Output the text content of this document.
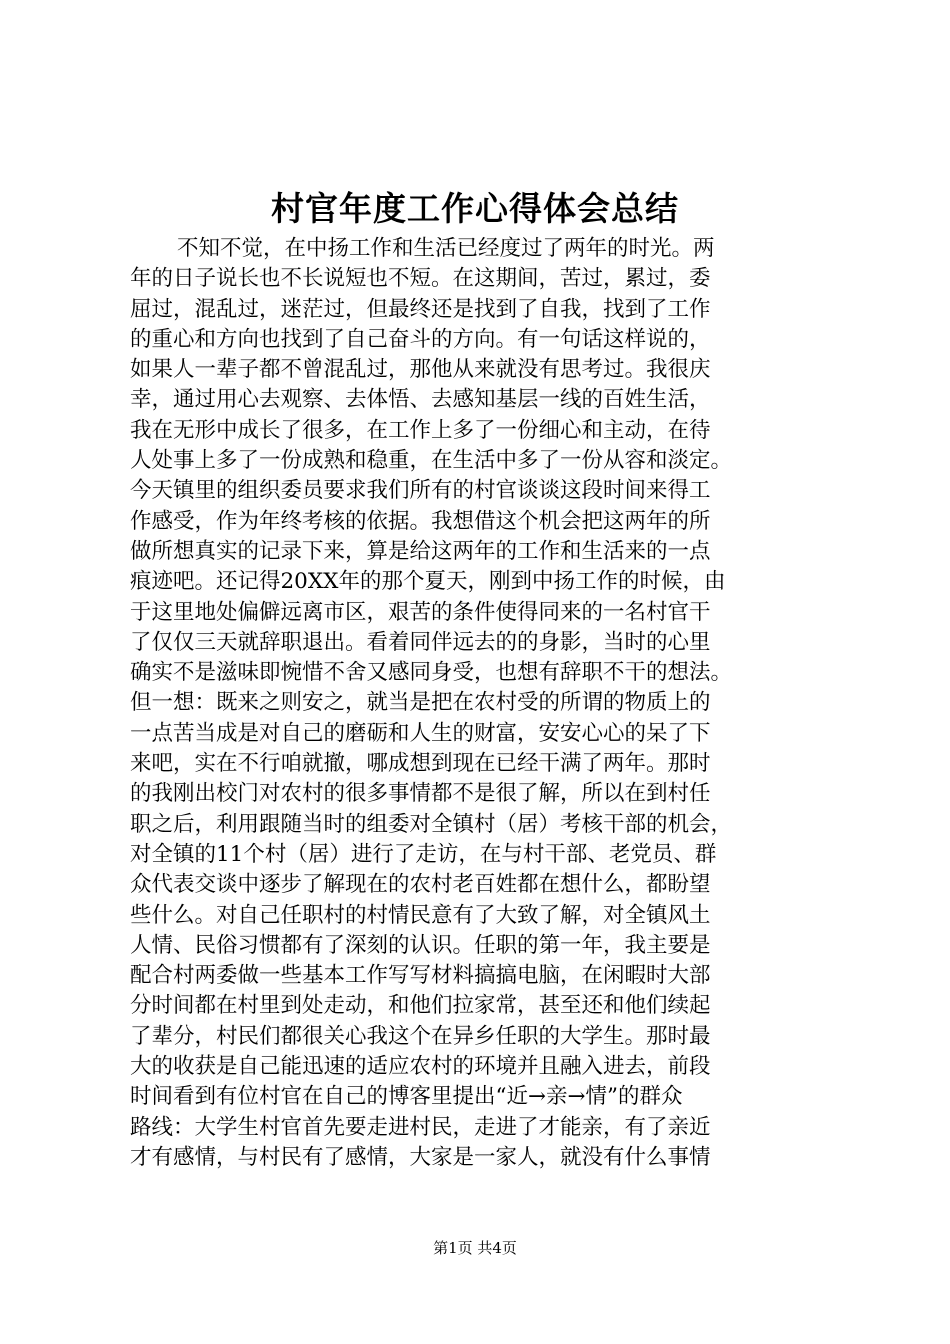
村官年度工作心得体会总结
不知不觉，在中扬工作和生活已经度过了两年的时光。两
年的日子说长也不长说短也不短。在这期间，苦过，累过，委
屈过，混乱过，迷茫过，但最终还是找到了自我，找到了工作
的重心和方向也找到了自己奋斗的方向。有一句话这样说的，
如果人一辈子都不曾混乱过，那他从来就没有思考过。我很庆
幸，通过用心去观察、去体悟、去感知基层一线的百姓生活，
我在无形中成长了很多，在工作上多了一份细心和主动，在待
人处事上多了一份成熟和稳重，在生活中多了一份从容和淡定。
今天镇里的组织委员要求我们所有的村官谈谈这段时间来得工
作感受，作为年终考核的依据。我想借这个机会把这两年的所
做所想真实的记录下来，算是给这两年的工作和生活来的一点
痕迹吧。还记得20XX年的那个夏天，刚到中扬工作的时候，由
于这里地处偏僻远离市区，艰苦的条件使得同来的一名村官干
了仅仅三天就辞职退出。看着同伴远去的的身影，当时的心里
确实不是滋味即惋惜不舍又感同身受，也想有辞职不干的想法。
但一想：既来之则安之，就当是把在农村受的所谓的物质上的
一点苦当成是对自己的磨砺和人生的财富，安安心心的呆了下
来吧，实在不行咱就撤，哪成想到现在已经干满了两年。那时
的我刚出校门对农村的很多事情都不是很了解，所以在到村任
职之后，利用跟随当时的组委对全镇村（居）考核干部的机会，
对全镇的11个村（居）进行了走访，在与村干部、老党员、群
众代表交谈中逐步了解现在的农村老百姓都在想什么，都盼望
些什么。对自己任职村的村情民意有了大致了解，对全镇风土
人情、民俗习惯都有了深刻的认识。任职的第一年，我主要是
配合村两委做一些基本工作写写材料搞搞电脑，在闲暇时大部
分时间都在村里到处走动，和他们拉家常，甚至还和他们续起
了辈分，村民们都很关心我这个在异乡任职的大学生。那时最
大的收获是自己能迅速的适应农村的环境并且融入进去，前段
时间看到有位村官在自己的博客里提出“近→亲→情”的群众
路线：大学生村官首先要走进村民，走进了才能亲，有了亲近
才有感情，与村民有了感情，大家是一家人，就没有什么事情
第1页 共4页
